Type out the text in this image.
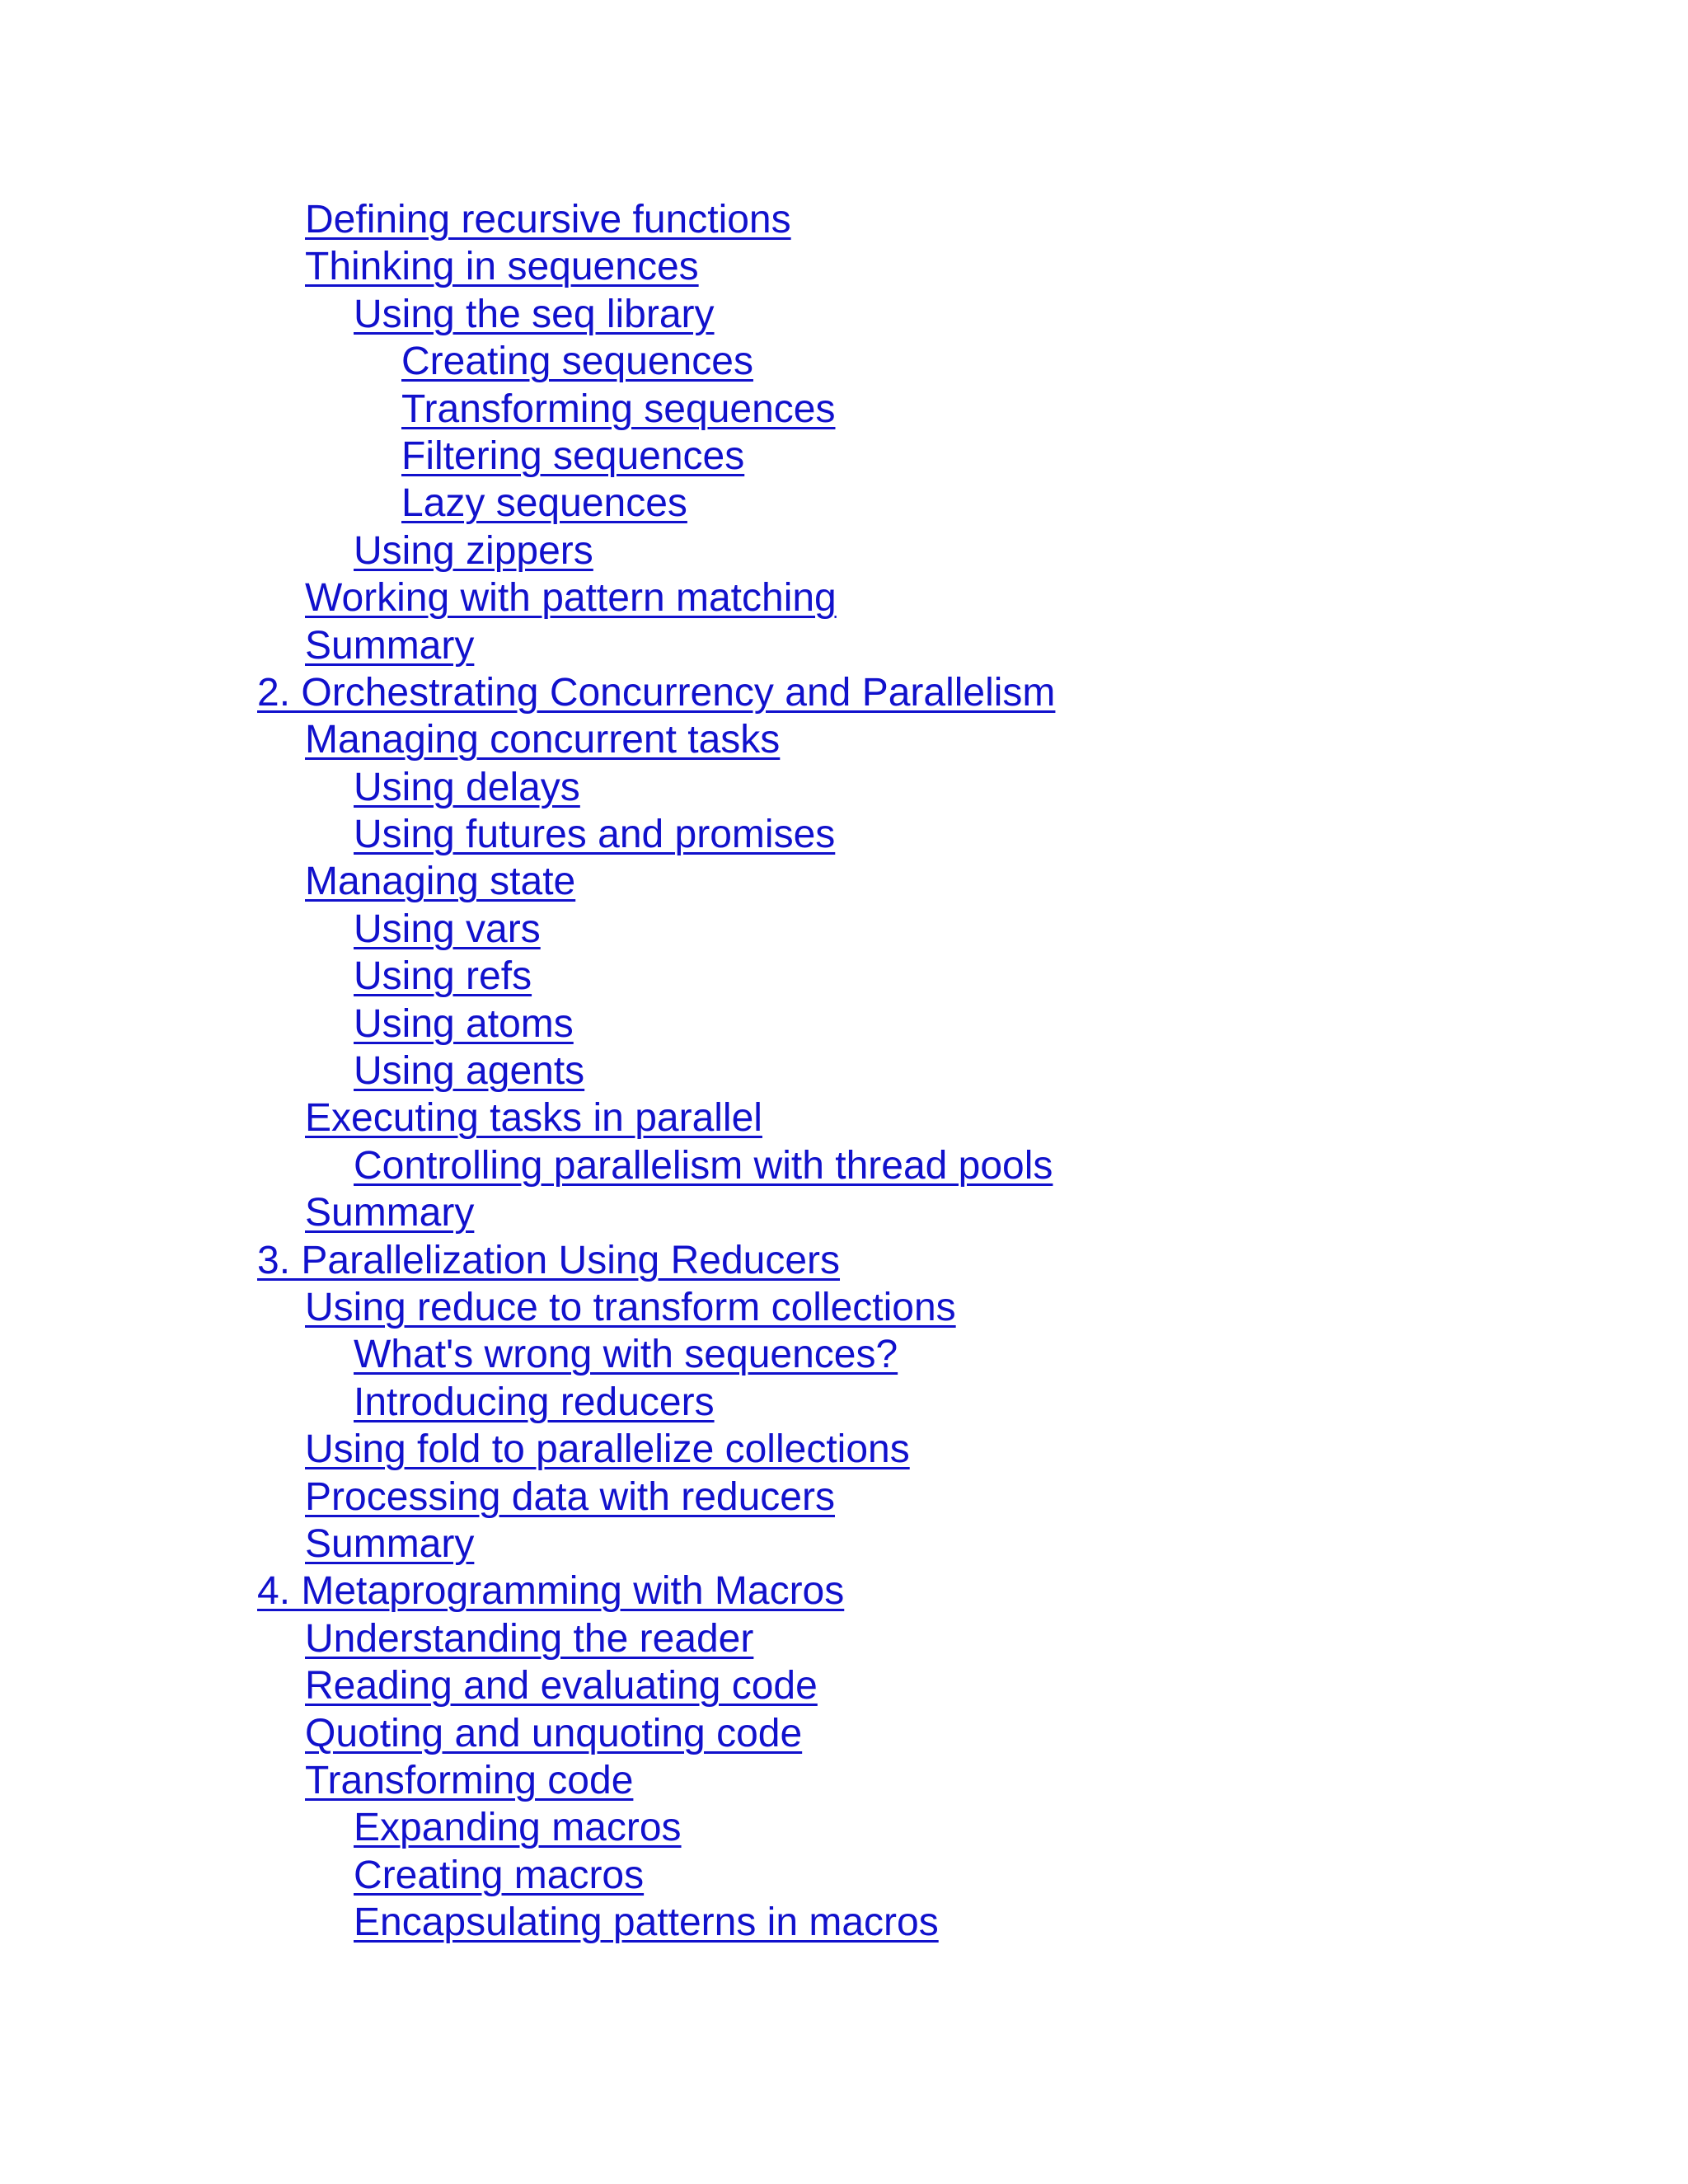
Defining recursive functions
Thinking in sequences
Using the seq library
Creating sequences
Transforming sequences
Filtering sequences
Lazy sequences
Using zippers
Working with pattern matching
Summary
2. Orchestrating Concurrency and Parallelism
Managing concurrent tasks
Using delays
Using futures and promises
Managing state
Using vars
Using refs
Using atoms
Using agents
Executing tasks in parallel
Controlling parallelism with thread pools
Summary
3. Parallelization Using Reducers
Using reduce to transform collections
What's wrong with sequences?
Introducing reducers
Using fold to parallelize collections
Processing data with reducers
Summary
4. Metaprogramming with Macros
Understanding the reader
Reading and evaluating code
Quoting and unquoting code
Transforming code
Expanding macros
Creating macros
Encapsulating patterns in macros
